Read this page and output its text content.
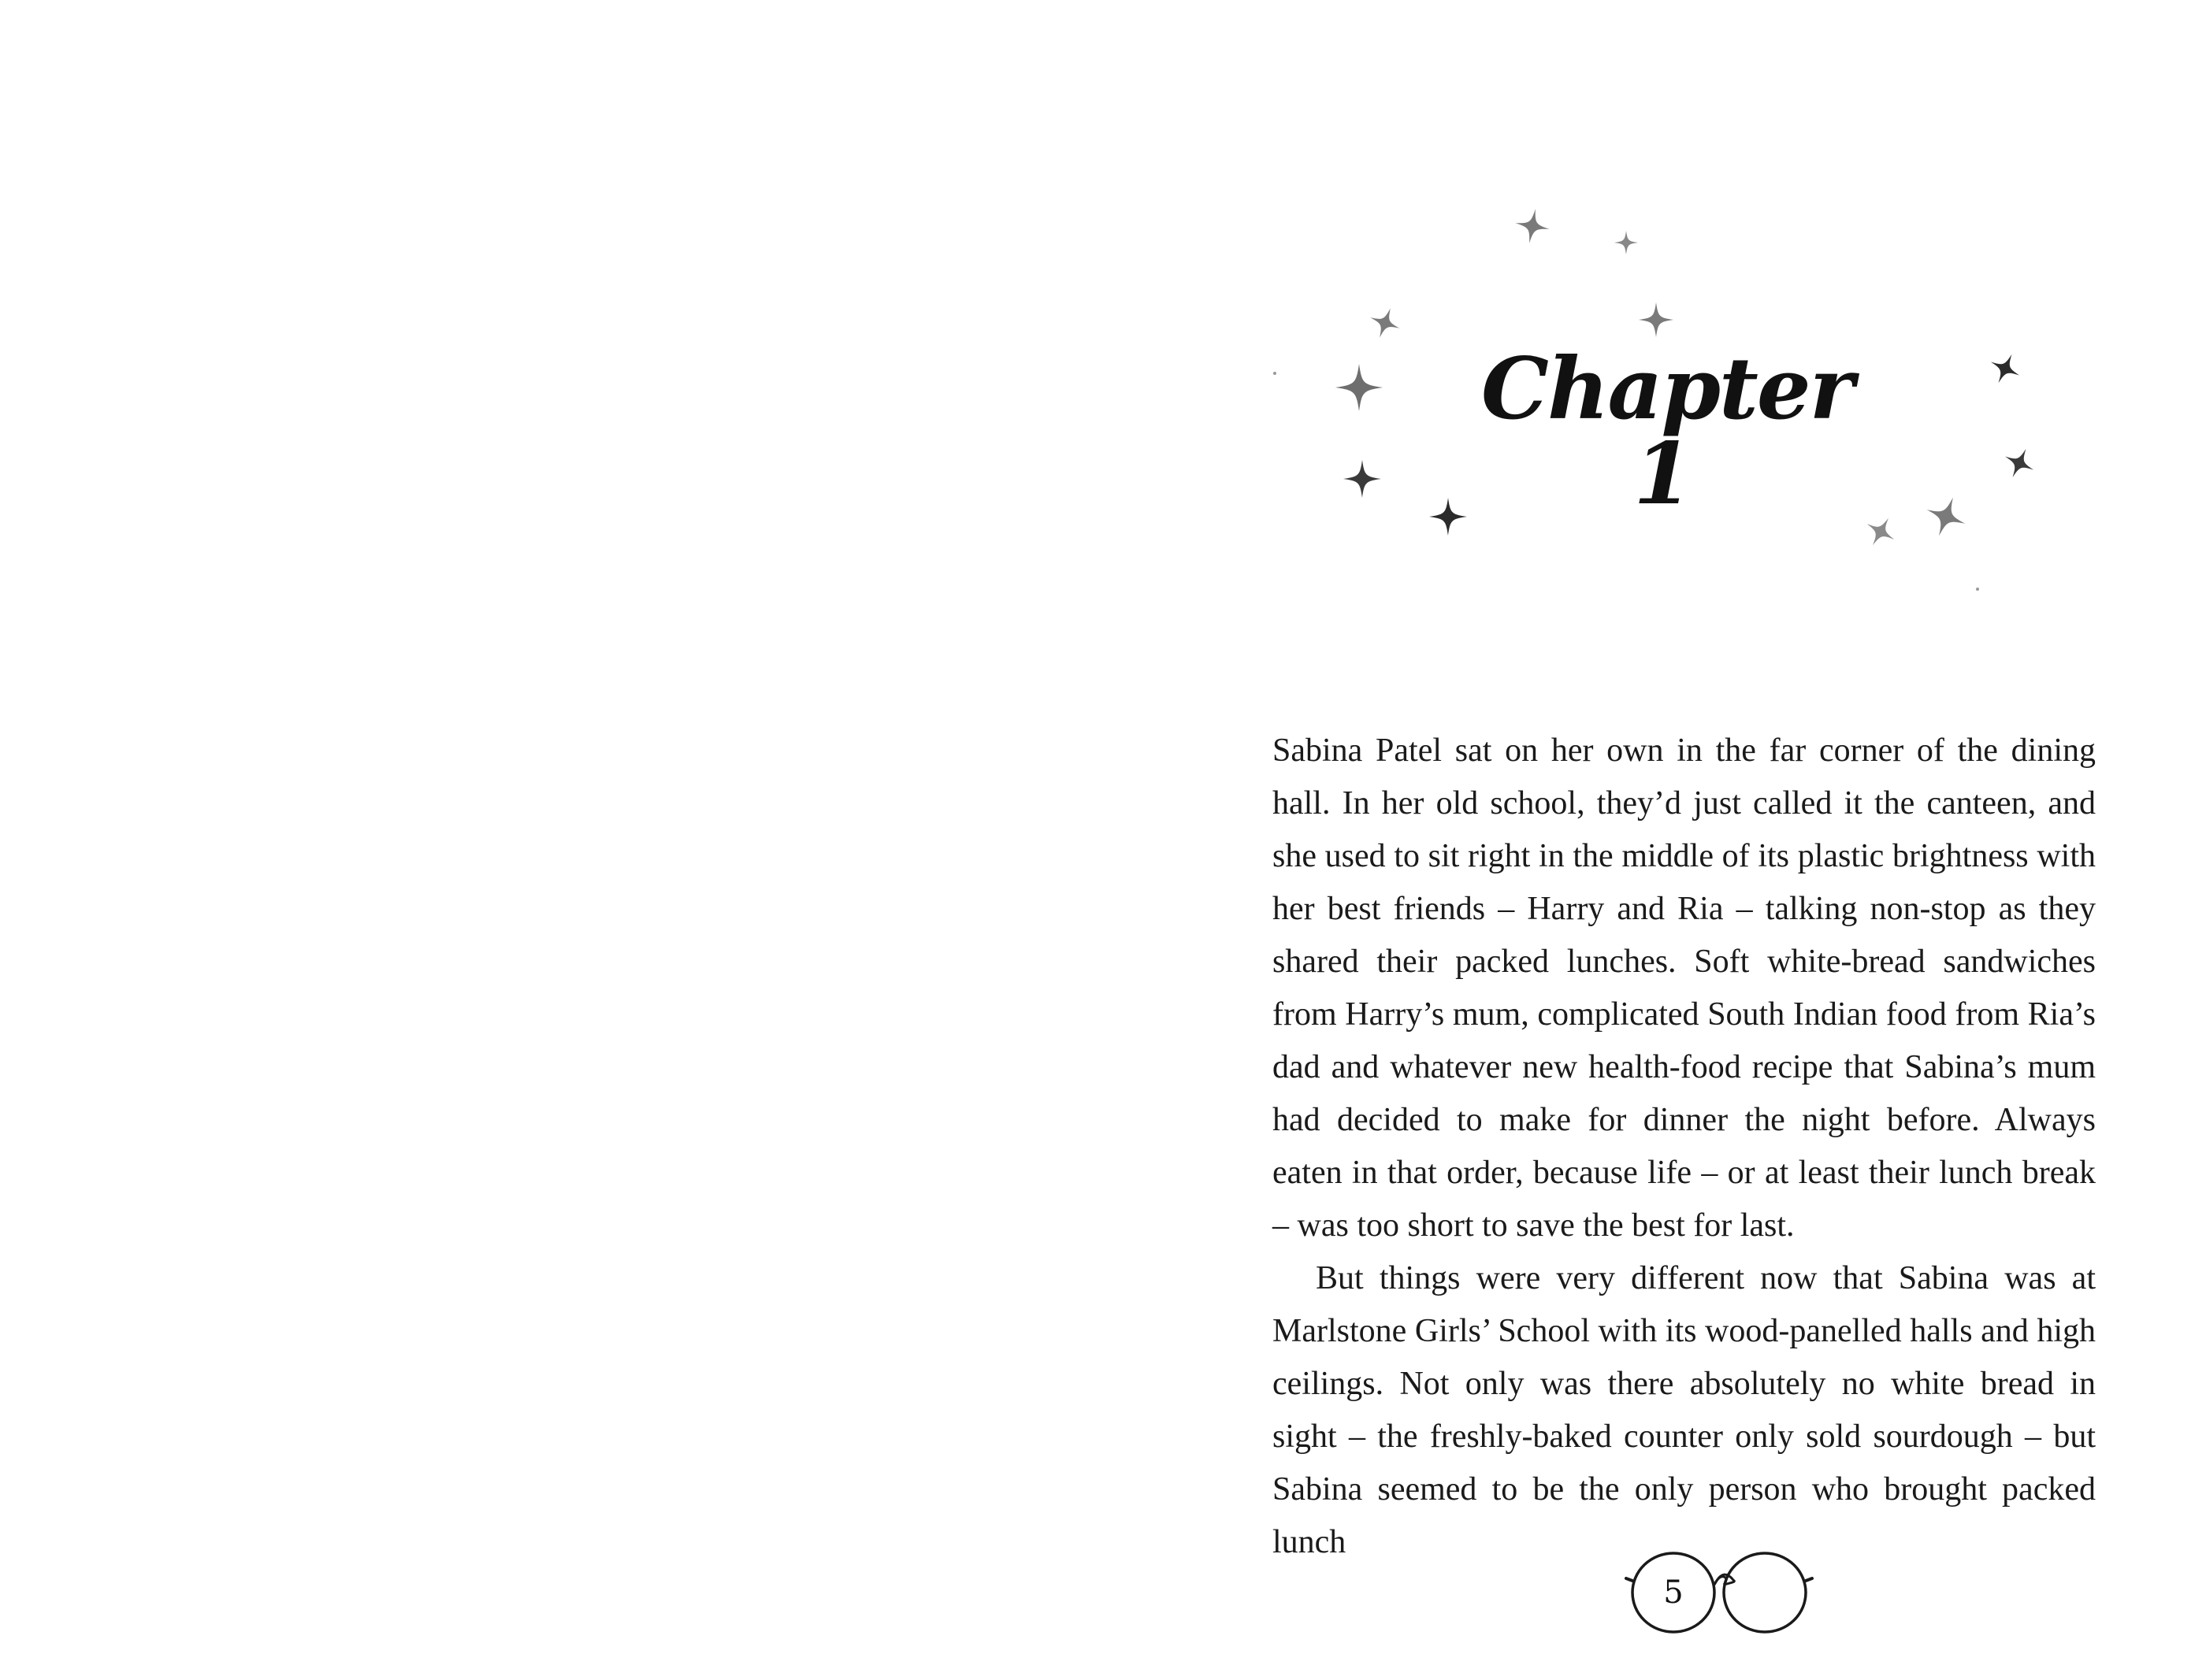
Chapter 1

Sabina Patel sat on her own in the far corner of the dining hall. In her old school, they’d just called it the canteen, and she used to sit right in the middle of its plastic brightness with her best friends – Harry and Ria – talking non-stop as they shared their packed lunches. Soft white-bread sandwiches from Harry’s mum, complicated South Indian food from Ria’s dad and whatever new health-food recipe that Sabina’s mum had decided to make for dinner the night before. Always eaten in that order, because life – or at least their lunch break – was too short to save the best for last.

But things were very different now that Sabina was at Marlstone Girls’ School with its wood-panelled halls and high ceilings. Not only was there absolutely no white bread in sight – the freshly-baked counter only sold sourdough – but Sabina seemed to be the only person who brought packed lunch

5
